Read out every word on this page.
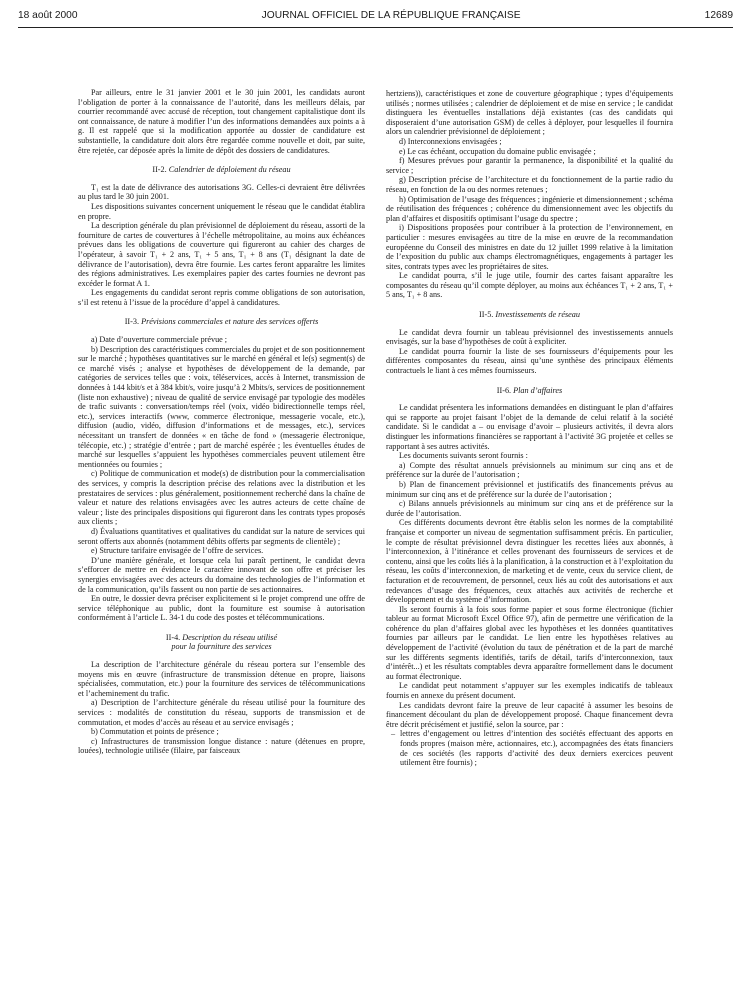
18 août 2000	JOURNAL OFFICIEL DE LA RÉPUBLIQUE FRANÇAISE	12689

Par ailleurs, entre le 31 janvier 2001 et le 30 juin 2001, les candidats auront l’obligation de porter à la connaissance de l’autorité, dans les meilleurs délais, par courrier recommandé avec accusé de réception, tout changement capitalistique dont ils ont connaissance, de nature à modifier l’un des informations demandées aux points a à g. Il est rappelé que si la modification apportée au dossier de candidature est substantielle, la candidature doit alors être regardée comme nouvelle et doit, par suite, être rejetée, car déposée après la limite de dépôt des dossiers de candidatures.

II-2. Calendrier de déploiement du réseau

T₁ est la date de délivrance des autorisations 3G. Celles-ci devraient être délivrées au plus tard le 30 juin 2001.

Les dispositions suivantes concernent uniquement le réseau que le candidat établira en propre.

La description générale du plan prévisionnel de déploiement du réseau, assorti de la fourniture de cartes de couvertures à l’échelle métropolitaine, au moins aux échéances prévues dans les obligations de couverture qui figureront au cahier des charges de l’opérateur, à savoir T₁ + 2 ans, T₁ + 5 ans, T₁ + 8 ans (T₁ désignant la date de délivrance de l’autorisation), devra être fournie. Les cartes feront apparaître les limites des régions administratives. Les exemplaires papier des cartes fournies ne devront pas excéder le format A 1.

Les engagements du candidat seront repris comme obligations de son autorisation, s’il est retenu à l’issue de la procédure d’appel à candidatures.

II-3. Prévisions commerciales et nature des services offerts

a) Date d’ouverture commerciale prévue ;

b) Description des caractéristiques commerciales du projet et de son positionnement sur le marché ; hypothèses quantitatives sur le marché en général et le(s) segment(s) de ce marché visés ; analyse et hypothèses de développement de la demande, par catégories de services telles que : voix, téléservices, accès à Internet, transmission de données à 144 kbit/s et à 384 kbit/s, voire jusqu’à 2 Mbits/s, services de positionnement (liste non exhaustive) ; niveau de qualité de service envisagé par typologie des modèles de trafic suivants : conversation/temps réel (voix, vidéo bidirectionnelle temps réel, etc.), services interactifs (www, commerce électronique, messagerie vocale, etc.), diffusion (audio, vidéo, diffusion d’informations et de messages, etc.), services nécessitant un transfert de données « en tâche de fond » (messagerie électronique, télécopie, etc.) ; stratégie d’entrée ; part de marché espérée ; les éventuelles études de marché sur lesquelles s’appuient les hypothèses commerciales peuvent utilement être mentionnées ou fournies ;

c) Politique de communication et mode(s) de distribution pour la commercialisation des services, y compris la description précise des relations avec la distribution et les prestataires de services : plus généralement, positionnement recherché dans la chaîne de valeur et nature des relations envisagées avec les autres acteurs de cette chaîne de valeur ; liste des principales dispositions qui figureront dans les contrats types proposés aux clients ;

d) Évaluations quantitatives et qualitatives du candidat sur la nature de services qui seront offerts aux abonnés (notamment débits offerts par segments de clientèle) ;

e) Structure tarifaire envisagée de l’offre de services.

D’une manière générale, et lorsque cela lui paraît pertinent, le candidat devra s’efforcer de mettre en évidence le caractère innovant de son offre et préciser les synergies envisagées avec des acteurs du domaine des technologies de l’information et de la communication, qu’ils fassent ou non partie de ses actionnaires.

En outre, le dossier devra préciser explicitement si le projet comprend une offre de service téléphonique au public, dont la fourniture est soumise à autorisation conformément à l’article L. 34-1 du code des postes et télécommunications.

II-4. Description du réseau utilisé
pour la fourniture des services

La description de l’architecture générale du réseau portera sur l’ensemble des moyens mis en œuvre (infrastructure de transmission détenue en propre, liaisons spécialisées, commutation, etc.) pour la fourniture des services de télécommunications et l’acheminement du trafic.

a) Description de l’architecture générale du réseau utilisé pour la fourniture des services : modalités de constitution du réseau, supports de transmission et de commutation, et modes d’accès au réseau et au service envisagés ;

b) Commutation et points de présence ;

c) Infrastructures de transmission longue distance : nature (détenues en propre, louées), technologie utilisée (filaire, par faisceaux

hertziens)), caractéristiques et zone de couverture géographique ; types d’équipements utilisés ; normes utilisées ; calendrier de déploiement et de mise en service ; le candidat distinguera les éventuelles installations déjà existantes (cas des candidats qui disposeraient d’une autorisation GSM) de celles à déployer, pour lesquelles il fournira alors un calendrier prévisionnel de déploiement ;

d) Interconnexions envisagées ;

e) Le cas échéant, occupation du domaine public envisagée ;

f) Mesures prévues pour garantir la permanence, la disponibilité et la qualité du service ;

g) Description précise de l’architecture et du fonctionnement de la partie radio du réseau, en fonction de la ou des normes retenues ;

h) Optimisation de l’usage des fréquences ; ingénierie et dimensionnement ; schéma de réutilisation des fréquences ; cohérence du dimensionnement avec les objectifs du plan d’affaires et dispositifs optimisant l’usage du spectre ;

i) Dispositions proposées pour contribuer à la protection de l’environnement, en particulier : mesures envisagées au titre de la mise en œuvre de la recommandation européenne du Conseil des ministres en date du 12 juillet 1999 relative à la limitation de l’exposition du public aux champs électromagnétiques, engagements à partager les sites, contrats types avec les propriétaires de sites.

Le candidat pourra, s’il le juge utile, fournir des cartes faisant apparaître les composantes du réseau qu’il compte déployer, au moins aux échéances T₁ + 2 ans, T₁ + 5 ans, T₁ + 8 ans.

II-5. Investissements de réseau

Le candidat devra fournir un tableau prévisionnel des investissements annuels envisagés, sur la base d’hypothèses de coût à expliciter.

Le candidat pourra fournir la liste de ses fournisseurs d’équipements pour les différentes composantes du réseau, ainsi qu’une synthèse des principaux éléments contractuels le liant à ces mêmes fournisseurs.

II-6. Plan d’affaires

Le candidat présentera les informations demandées en distinguant le plan d’affaires qui se rapporte au projet faisant l’objet de la demande de celui relatif à la société candidate. Si le candidat a – ou envisage d’avoir – plusieurs activités, il devra alors distinguer les informations financières se rapportant à l’activité 3G projetée et celles se rapportant à ses autres activités.

Les documents suivants seront fournis :

a) Compte des résultat annuels prévisionnels au minimum sur cinq ans et de préférence sur la durée de l’autorisation ;

b) Plan de financement prévisionnel et justificatifs des financements prévus au minimum sur cinq ans et de préférence sur la durée de l’autorisation ;

c) Bilans annuels prévisionnels au minimum sur cinq ans et de préférence sur la durée de l’autorisation.

Ces différents documents devront être établis selon les normes de la comptabilité française et comporter un niveau de segmentation suffisamment précis. En particulier, le compte de résultat prévisionnel devra distinguer les recettes liées aux abonnés, à l’interconnexion, à l’itinérance et celles provenant des fournisseurs de services et de contenu, ainsi que les coûts liés à la planification, à la construction et à l’exploitation du réseau, les coûts d’interconnexion, de marketing et de vente, ceux du service client, de facturation et de recouvrement, de personnel, ceux liés au coût des autorisations et aux redevances d’usage des fréquences, ceux attachés aux activités de recherche et développement et du système d’information.

Ils seront fournis à la fois sous forme papier et sous forme électronique (fichier tableur au format Microsoft Excel Office 97), afin de permettre une vérification de la cohérence du plan d’affaires global avec les hypothèses et les données quantitatives fournies par ailleurs par le candidat. Le lien entre les hypothèses relatives au développement de l’activité (évolution du taux de pénétration et de la part de marché sur les différents segments identifiés, tarifs de détail, tarifs d’interconnexion, taux d’intérêt...) et les résultats comptables devra apparaître formellement dans le document au format électronique.

Le candidat peut notamment s’appuyer sur les exemples indicatifs de tableaux fournis en annexe du présent document.

Les candidats devront faire la preuve de leur capacité à assumer les besoins de financement découlant du plan de développement proposé. Chaque financement devra être décrit précisément et justifié, selon la source, par :

– lettres d’engagement ou lettres d’intention des sociétés effectuant des apports en fonds propres (maison mère, actionnaires, etc.), accompagnées des états financiers de ces sociétés (les rapports d’activité des deux derniers exercices peuvent utilement être fournis) ;
